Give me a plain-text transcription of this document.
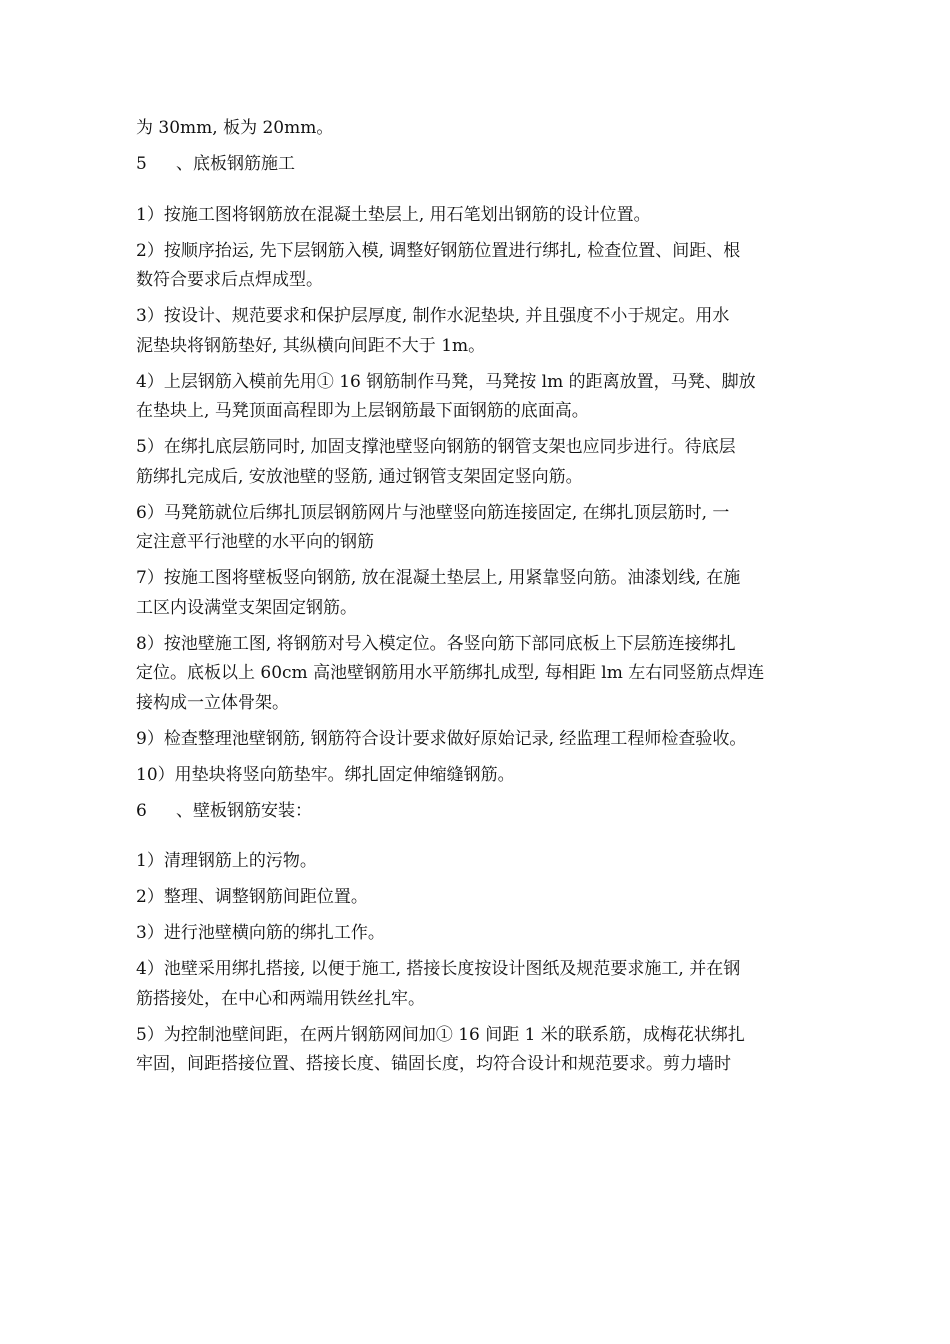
为 30mm, 板为 20mm。
5 、底板钢筋施工
1）按施工图将钢筋放在混凝土垫层上, 用石笔划出钢筋的设计位置。
2）按顺序抬运, 先下层钢筋入模, 调整好钢筋位置进行绑扎, 检查位置、间距、根
数符合要求后点焊成型。
3）按设计、规范要求和保护层厚度, 制作水泥垫块, 并且强度不小于规定。用水
泥垫块将钢筋垫好, 其纵横向间距不大于 1m。
4）上层钢筋入模前先用① 16 钢筋制作马凳，马凳按 lm 的距离放置，马凳、脚放
在垫块上, 马凳顶面高程即为上层钢筋最下面钢筋的底面高。
5）在绑扎底层筋同时, 加固支撑池壁竖向钢筋的钢管支架也应同步进行。待底层
筋绑扎完成后, 安放池壁的竖筋, 通过钢管支架固定竖向筋。
6）马凳筋就位后绑扎顶层钢筋网片与池壁竖向筋连接固定, 在绑扎顶层筋时, 一
定注意平行池壁的水平向的钢筋
7）按施工图将壁板竖向钢筋, 放在混凝土垫层上, 用紧靠竖向筋。油漆划线, 在施
工区内设满堂支架固定钢筋。
8）按池壁施工图, 将钢筋对号入模定位。各竖向筋下部同底板上下层筋连接绑扎
定位。底板以上 60cm 高池壁钢筋用水平筋绑扎成型, 每相距 lm 左右同竖筋点焊连
接构成一立体骨架。
9）检查整理池壁钢筋, 钢筋符合设计要求做好原始记录, 经监理工程师检查验收。
10）用垫块将竖向筋垫牢。绑扎固定伸缩缝钢筋。
6 、壁板钢筋安装：
1）清理钢筋上的污物。
2）整理、调整钢筋间距位置。
3）进行池壁横向筋的绑扎工作。
4）池壁采用绑扎搭接, 以便于施工, 搭接长度按设计图纸及规范要求施工, 并在钢
筋搭接处，在中心和两端用铁丝扎牢。
5）为控制池壁间距，在两片钢筋网间加① 16 间距 1 米的联系筋，成梅花状绑扎
牢固，间距搭接位置、搭接长度、锚固长度，均符合设计和规范要求。剪力墙时
